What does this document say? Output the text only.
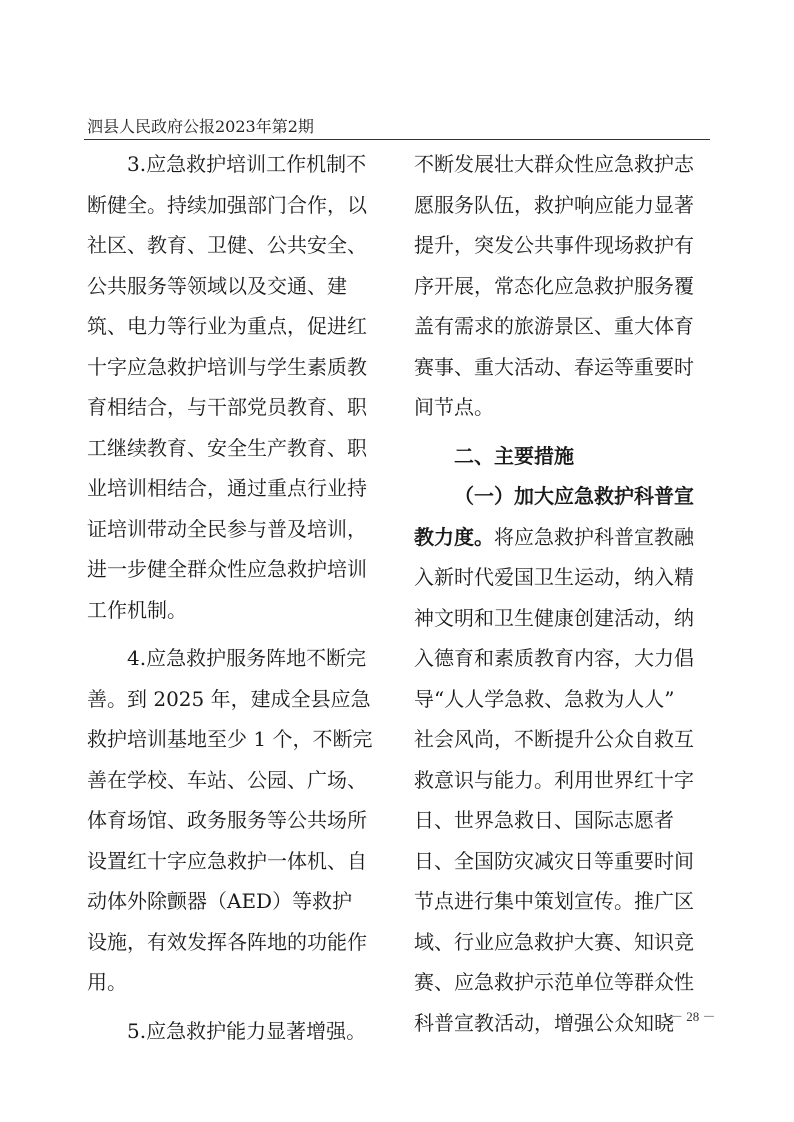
泗县人民政府公报2023年第2期
3.应急救护培训工作机制不
断健全。持续加强部门合作，以
社区、教育、卫健、公共安全、
公共服务等领域以及交通、建
筑、电力等行业为重点，促进红
十字应急救护培训与学生素质教
育相结合，与干部党员教育、职
工继续教育、安全生产教育、职
业培训相结合，通过重点行业持
证培训带动全民参与普及培训，
进一步健全群众性应急救护培训
工作机制。
4.应急救护服务阵地不断完
善。到 2025 年，建成全县应急
救护培训基地至少 1 个，不断完
善在学校、车站、公园、广场、
体育场馆、政务服务等公共场所
设置红十字应急救护一体机、自
动体外除颤器（AED）等救护
设施，有效发挥各阵地的功能作
用。
5.应急救护能力显著增强。
不断发展壮大群众性应急救护志
愿服务队伍，救护响应能力显著
提升，突发公共事件现场救护有
序开展，常态化应急救护服务覆
盖有需求的旅游景区、重大体育
赛事、重大活动、春运等重要时
间节点。
二、主要措施
（一）加大应急救护科普宣
教力度。将应急救护科普宣教融
入新时代爱国卫生运动，纳入精
神文明和卫生健康创建活动，纳
入德育和素质教育内容，大力倡
导“人人学急救、急救为人人”
社会风尚，不断提升公众自救互
救意识与能力。利用世界红十字
日、世界急救日、国际志愿者
日、全国防灾减灾日等重要时间
节点进行集中策划宣传。推广区
域、行业应急救护大赛、知识竞
赛、应急救护示范单位等群众性
科普宣教活动，增强公众知晓
－ 28 －
